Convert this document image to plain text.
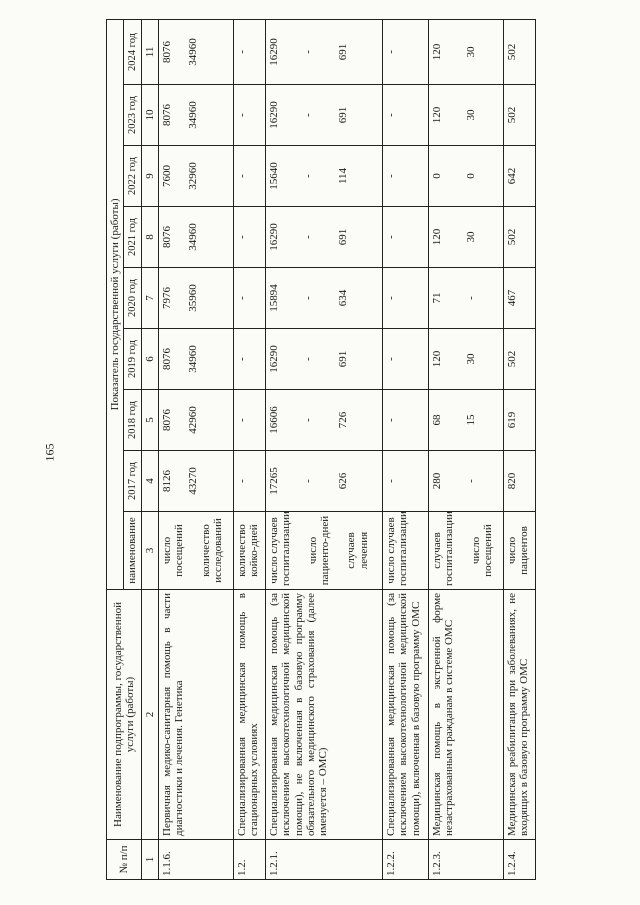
165
№ п/п	Наименование подпрограммы, государственной услуги (работы)	Показатель государственной услуги (работы)								
		наименование	2017 год	2018 год	2019 год	2020 год	2021 год	2022 год	2023 год	2024 год
1	2	3	4	5	6	7	8	9	10	11
1.1.6.	Первичная медико-санитарная помощь в части диагностики и лечения. Генетика	число посещений количество исследований	8126 43270	8076 42960	8076 34960	7976 35960	8076 34960	7600 32960	8076 34960	8076 34960

1.2.	Специализированная медицинская помощь в стационарных условиях	количество койко-дней	-	-	-	-	-	-	-	-
1.2.1.	Специализированная медицинская помощь (за исключением высокотехнологичной медицинской помощи), не включенная в базовую программу обязательного медицинского страхования (далее именуется – ОМС)	число случаев госпитализации число пациенто-дней случаев лечения	17265 - 626	16606 - 726	16290 - 691	15894 - 634	16290 - 691	15640 - 114	16290 - 691	16290 - 691

1.2.2.	Специализированная медицинская помощь (за исключением высокотехнологичной медицинской помощи), включенная в базовую программу ОМС	число случаев госпитализации	-	-	-	-	-	-	-	-
1.2.3.	Медицинская помощь в экстренной форме незастрахованным гражданам в системе ОМС	случаев госпитализации число посещений	280 -	68 15	120 30	71 -	120 30	0 0	120 30	120 30

1.2.4.	Медицинская реабилитация при заболеваниях, не входящих в базовую программу ОМС	число пациентов	820	619	502	467	502	642	502	502
